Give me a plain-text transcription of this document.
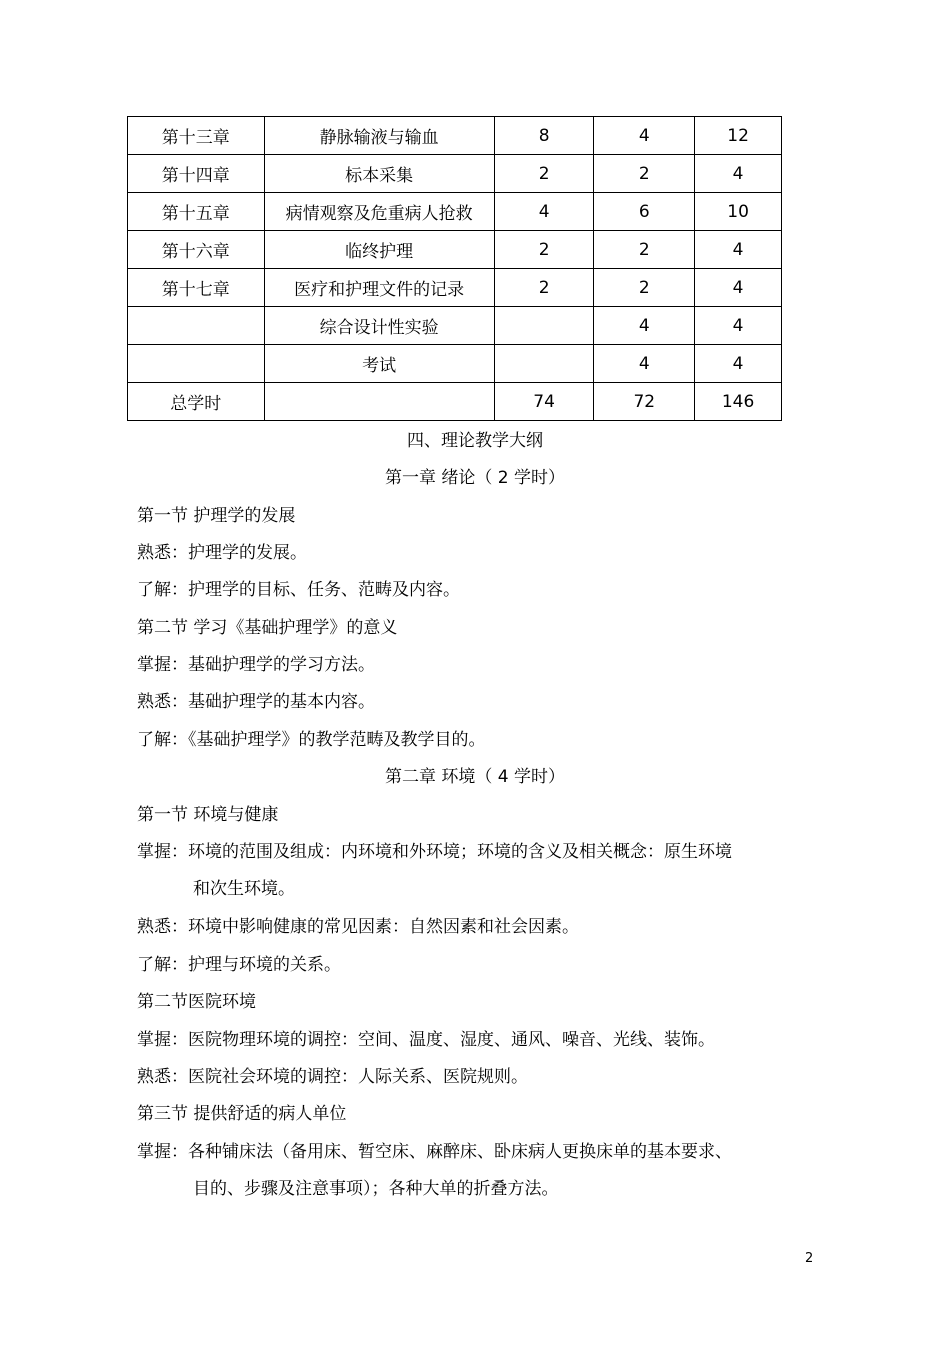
第十三章	静脉输液与输血	8	4	12
第十四章	标本采集	2	2	4
第十五章	病情观察及危重病人抢救	4	6	10
第十六章	临终护理	2	2	4
第十七章	医疗和护理文件的记录	2	2	4
	综合设计性实验		4	4
	考试		4	4
总学时		74	72	146
四、理论教学大纲
第一章 绪论（ 2 学时）
第一节 护理学的发展
熟悉：护理学的发展。
了解：护理学的目标、任务、范畴及内容。
第二节 学习《基础护理学》的意义
掌握：基础护理学的学习方法。
熟悉：基础护理学的基本内容。
了解：《基础护理学》的教学范畴及教学目的。
第二章 环境（ 4 学时）
第一节 环境与健康
掌握：环境的范围及组成：内环境和外环境；环境的含义及相关概念：原生环境
和次生环境。
熟悉：环境中影响健康的常见因素：自然因素和社会因素。
了解：护理与环境的关系。
第二节医院环境
掌握：医院物理环境的调控：空间、温度、湿度、通风、噪音、光线、装饰。
熟悉：医院社会环境的调控：人际关系、医院规则。
第三节 提供舒适的病人单位
掌握：各种铺床法（备用床、暂空床、麻醉床、卧床病人更换床单的基本要求、
目的、步骤及注意事项）；各种大单的折叠方法。
2
